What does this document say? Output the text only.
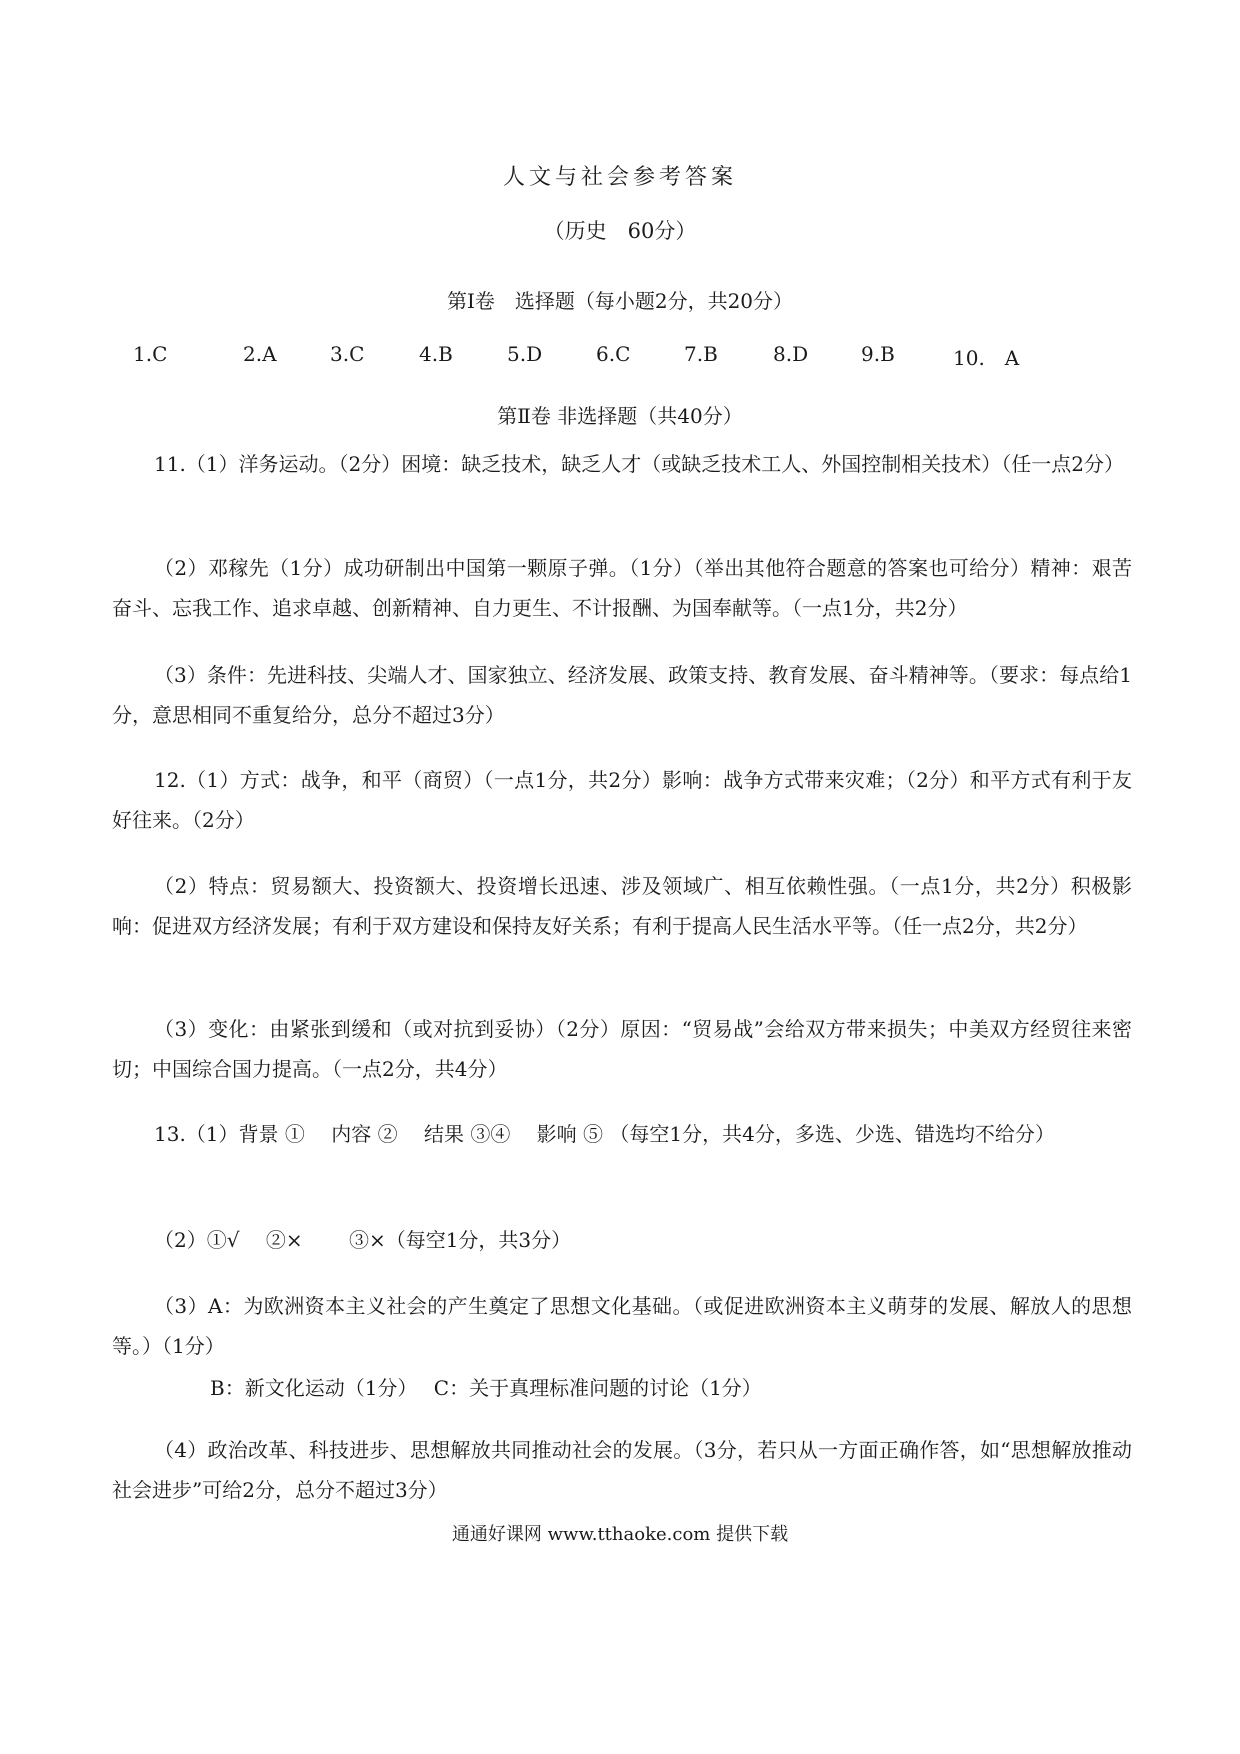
人文与社会参考答案
（历史　60分）
第Ⅰ卷　选择题（每小题2分，共20分）
1.C	2.A	3.C	4.B	5.D	6.C	7.B	8.D	9.B	10.　A
第Ⅱ卷 非选择题（共40分）
11.（1）洋务运动。（2分）困境：缺乏技术，缺乏人才（或缺乏技术工人、外国控制相关技术）（任一点2分）
（2）邓稼先（1分）成功研制出中国第一颗原子弹。（1分）（举出其他符合题意的答案也可给分）精神：艰苦奋斗、忘我工作、追求卓越、创新精神、自力更生、不计报酬、为国奉献等。（一点1分，共2分）
（3）条件：先进科技、尖端人才、国家独立、经济发展、政策支持、教育发展、奋斗精神等。（要求：每点给1分，意思相同不重复给分，总分不超过3分）
12.（1）方式：战争，和平（商贸）（一点1分，共2分）影响：战争方式带来灾难；（2分）和平方式有利于友好往来。（2分）
（2）特点：贸易额大、投资额大、投资增长迅速、涉及领域广、相互依赖性强。（一点1分，共2分）积极影响：促进双方经济发展；有利于双方建设和保持友好关系；有利于提高人民生活水平等。（任一点2分，共2分）
（3）变化：由紧张到缓和（或对抗到妥协）（2分）原因：“贸易战”会给双方带来损失；中美双方经贸往来密切；中国综合国力提高。（一点2分，共4分）
13.（1）背景 ①　 内容 ②　 结果 ③④　 影响 ⑤ （每空1分，共4分，多选、少选、错选均不给分）
（2）①√　 ②×　　 ③×（每空1分，共3分）
（3）A：为欧洲资本主义社会的产生奠定了思想文化基础。（或促进欧洲资本主义萌芽的发展、解放人的思想等。）（1分）
B：新文化运动（1分）　 C：关于真理标准问题的讨论（1分）
通通好课网 www.tthaoke.com 提供下载
（4）政治改革、科技进步、思想解放共同推动社会的发展。（3分，若只从一方面正确作答，如“思想解放推动社会进步”可给2分，总分不超过3分）
